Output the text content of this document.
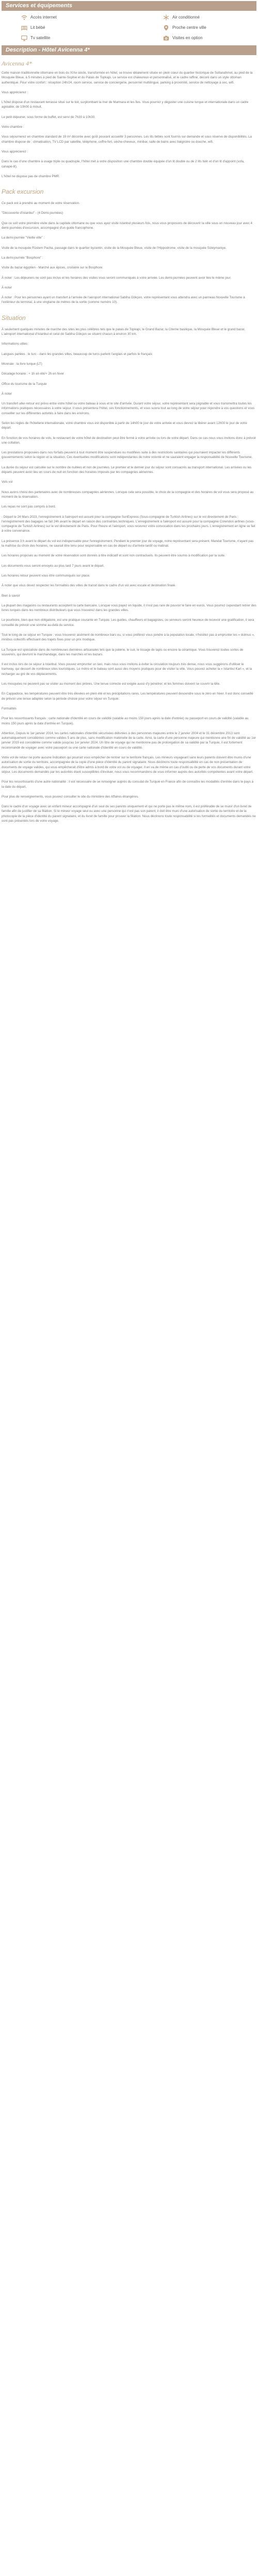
Services et équipements
Accès internet	Air conditionné
Lit bébé	Proche centre ville
Tv satellite	Visites en option
Description - Hôtel Avicenna 4*
Avicenna 4*

Cette maison traditionnelle ottomane en bois du XIXe siècle, transformée en hôtel, se trouve idéalement située en plein cœur du quartier historique de Sultanahmet, au pied de la Mosquée Bleue, à 5 minutes à pied de Sainte-Sophie et du Palais de Topkapi. Le service est chaleureux et personnalisé, et le cadre raffiné, décoré dans un style ottoman authentique. Pour votre confort : réception 24h/24, room service, service de conciergerie, personnel multilingue, parking à proximité, service de nettoyage à sec, wifi.

Vous apprécierez :

L'hôtel dispose d'un restaurant terrasse situé sur le toit, surplombant la mer de Marmara et les îles. Vous pourrez y déguster une cuisine turque et internationale dans un cadre agréable, de 10h00 à minuit.

Le petit déjeuner, sous forme de buffet, est servi de 7h30 à 10h30.

Votre chambre :

Vous séjournerez en chambre standard de 19 m² décorée avec goût pouvant accueillir 3 personnes. Les lits bébés sont fournis sur demande et sous réserve de disponibilités. La chambre dispose de : climatisation, TV LCD par satellite, téléphone, coffre-fort, sèche-cheveux, minibar, salle de bains avec baignoire ou douche, wifi.

Vous apprécierez :

Dans le cas d'une chambre à usage triple ou quadruple, l'hôtel met à votre disposition une chambre double équipée d'un lit double ou de 2 lits twin et d'un lit d'appoint (sofa, canapé-lit).

L'hôtel ne dispose pas de chambre PMR.

Pack excursion

Ce pack est à prendre au moment de votre réservation.

"Découverte d'Istanbul" - (4 Demi-journées)

Que ce soit votre première visite dans la capitale ottomane ou que vous ayez visité Istanbul plusieurs fois, nous vous proposons de découvrir la ville sous un nouveau jour avec 4 demi-journées d'excursion, accompagné d'un guide francophone.

La demi-journée "Vieille ville" :

Visite de la mosquée Rüstem Pacha, passage dans le quartier byzantin, visite de la Mosquée Bleue, visite de l'Hippodrome, visite de la mosquée Süleymaniye.

La demi-journée "Bosphore" :

Visite du bazar égyptien - Marché aux épices, croisière sur le Bosphore.

À noter : Les déjeuners ne sont pas inclus et les horaires des visites vous seront communiqués à votre arrivée. Les demi-journées peuvent avoir lieu le même jour.

À noter

À noter : Pour les personnes ayant un transfert à l'arrivée de l'aéroport international Sabiha Gökçen, votre représentant vous attendra avec un panneau Nouvelle Tourisme à l'extérieur du terminal, à une vingtaine de mètres de la sortie (comme numéro 10).

Situation

À seulement quelques minutes de marche des sites les plus célèbres tels que le palais de Topkapi, le Grand Bazar, la Citerne basilique, la Mosquée Bleue et le grand bazar. L'aéroport international d'Istanbul et celui de Sabiha Gökçen se situent chacun à environ 30 km.

Informations utiles :

Langues parlées : le turc - dans les grandes villes, beaucoup de turcs parlent l'anglais et parfois le français

Monnaie : la livre turque (LT)

Décalage horaire : + 1h en été/+ 2h en hiver

Office du tourisme de la Turquie

À noter

Un transfert aller-retour est prévu entre votre hôtel ou votre bateau à vous et le site d'arrivée. Durant votre séjour, votre représentant sera joignable et vous transmettra toutes les informations pratiques nécessaires à votre séjour. Il vous présentera l'hôtel, ses fonctionnements, et vous suivra tout au long de votre séjour pour répondre à vos questions et vous conseiller sur les différentes activités à faire dans les environs.

Selon les règles de l'hôtellerie internationale, votre chambre vous est disponible à partir de 14h00 le jour de votre arrivée et vous devrez la libérer avant 12h00 le jour de votre départ.

En fonction de vos horaires de vols, le restaurant de votre hôtel de destination peut être fermé à votre arrivée ou lors de votre départ. Dans ce cas nous vous invitons donc à prévoir une collation.

Les prestations proposées dans nos forfaits peuvent à tout moment être suspendues ou modifiées suite à des restrictions sanitaires qui pourraient impacter les différents gouvernements selon la région et la situation. Ces éventuelles modifications sont indépendantes de notre volonté et ne sauraient engager la responsabilité de Nouvelle Tourisme.

La durée du séjour est calculée sur le nombre de nuitées et non de journées. Le premier et le dernier jour du séjour sont consacrés au transport international. Les arrivées ou les départs peuvent avoir lieu en cours de nuit en fonction des horaires imposés par les compagnies aériennes.

Vols vol

Nous avons choisi des partenaires avec de nombreuses compagnies aériennes. Lorsque cela sera possible, le choix de la compagnie et des horaires de vol vous sera proposé au moment de la réservation.

Les repas ne sont pas compris à bord.

- Départ le 24 Mars 2023, l'enregistrement à l'aéroport est assuré pour la compagnie SunExpress (Sous-compagnie de Turkish Airlines) sur le vol directement de Paris : l'enregistrement des bagages se fait 24h avant le départ en raison des contraintes techniques. L'enregistrement à l'aéroport est assuré pour la compagnie Corendon airlines (sous-compagnie de Turkish Airlines) sur le vol directement de Paris. Pour l'heure et l'aéroport, vous recevrez votre convocation dans les prochains jours. L'enregistrement en ligne se fait à votre convenance.

La présence 3 h avant le départ du vol est indispensable pour l'enregistrement. Pendant le premier jour de voyage, notre représentant sera présent. Mandat Tourisme, n'ayant pas la maîtrise du choix des horaires, ne saurait être tenu pour responsable en cas de départ ou d'arrivée tardif ou matinal.

Les horaires proposés au moment de votre réservation sont donnés à titre indicatif et sont non contractuels. Ils peuvent être soumis à modification par la suite.

Les documents vous seront envoyés au plus tard 7 jours avant le départ.

Les horaires retour peuvent vous être communiqués sur place.

À noter que vous devez respecter les formalités des villes de transit dans le cadre d'un vol avec escale et destination finale.

Bien à savoir

La plupart des magasins ou restaurants acceptent la carte bancaire. Lorsque vous payez en liquide, il n'est pas rare de pouvoir le faire en euros. Vous pourrez cependant retirer des livres turques dans les nombreux distributeurs que vous trouverez dans les grandes villes.

Le pourboire, bien que non obligatoire, est une pratique courante en Turquie. Les guides, chauffeurs et bagagistes, ou serveurs seront heureux de recevoir une gratification, il sera conseillé de prévoir une somme au-delà du service.

Tout le long de ce séjour en Turquie : vous trouverez aisément de nombreux bars ou, si vous préférez vous joindre à la population locale, n'hésitez pas à emprunter les « dolmus », minibus collectifs effectuant des trajets fixes pour un prix modique.

La Turquie est spécialiste dans de nombreuses dernières artisanales tels que la poterie, le cuir, le tissage de tapis ou encore la céramique. Vous trouverez toutes sortes de souvenirs, qui devront le marchandage, dans les marchés et les bazars.

Il est inclus lors de ce séjour à Istanbul. Vous pouvez emprunter un taxi, mais nous vous invitons à éviter la circulation toujours très dense, nous vous suggérons d'utiliser le tramway, qui dessert de nombreux sites touristiques. Le métro et le bateau sont aussi des moyens pratiques pour de visiter la ville. Vous pouvez acheter la « Istanbul Kart », et la recharger au gré de vos déplacements.

Les mosquées ne peuvent pas se visiter au moment des prières. Une tenue correcte est exigée aussi d'y pénétrer, et les femmes doivent se couvrir la tête.

En Cappadoce, les températures peuvent être très élevées en plein été et les précipitations rares. Les températures peuvent descendre sous le zéro en hiver. Il est donc conseillé de prévoir une tenue adaptée selon la période choisie pour votre séjour en Turquie.

Formalités

Pour les ressortissants français : carte nationale d'identité en cours de validité (valable au moins 150 jours après la date d'entrée) ou passeport en cours de validité (valable au moins 150 jours après la date d'entrée en Turquie).

Attention, Depuis le 1er janvier 2014, les cartes nationales d'identité sécurisées délivrées à des personnes majeures entre le 2 janvier 2004 et le 31 décembre 2013 sont automatiquement considérées comme valides 5 ans de plus, sans modification matérielle de la carte. Ainsi, la carte d'une personne majeure qui mentionne une fin de validité au 1er janvier 2019 est considérée comme valide jusqu'au 1er janvier 2024. Un titre de voyage qui ne mentionne pas de prolongation de sa validité par la Turquie, il est fortement recommandé de voyager avec votre passeport ou une carte nationale d'identité en cours de validité.

Votre vol de retour ne porte aucune indication qui pourrait vous empêcher de rentrer sur le territoire français. Les mineurs voyageant sans leurs parents doivent être munis d'une autorisation de sortie du territoire, accompagnée de la copie d'une pièce d'identité du parent signataire. Nous déclinons toute responsabilité en cas de non présentation de documents de voyage valides, qui vous empêcherait d'être admis à bord de votre vol ou de voyager. Il en va de même en cas d'oubli ou de perte de vos documents durant votre séjour. Les documents demandés par les autorités étant susceptibles d'évoluer, nous vous recommandons de vous informer auprès des autorités compétentes avant votre départ.

Pour les ressortissants d'une autre nationalité : il est nécessaire de se renseigner auprès du consulat de Turquie en France afin de connaître les modalités d'entrée dans le pays à la date du départ.

Pour plus de renseignements, vous pouvez consulter le site du ministère des Affaires étrangères.

Dans le cadre d'un voyage avec un enfant mineur accompagné d'un seul de ses parents uniquement et qui ne porte pas le même nom, il est préférable de se munir d'un livret de famille afin de justifier de sa filiation. Si le mineur voyage seul ou avec une personne qui n'est pas son parent, il doit être muni d'une autorisation de sortie du territoire et de la photocopie de la pièce d'identité du parent signataire, et du livret de famille pour prouver la filiation. Nous déclinons toute responsabilité si les formalités et documents demandés ne sont pas présentés lors de votre voyage.
